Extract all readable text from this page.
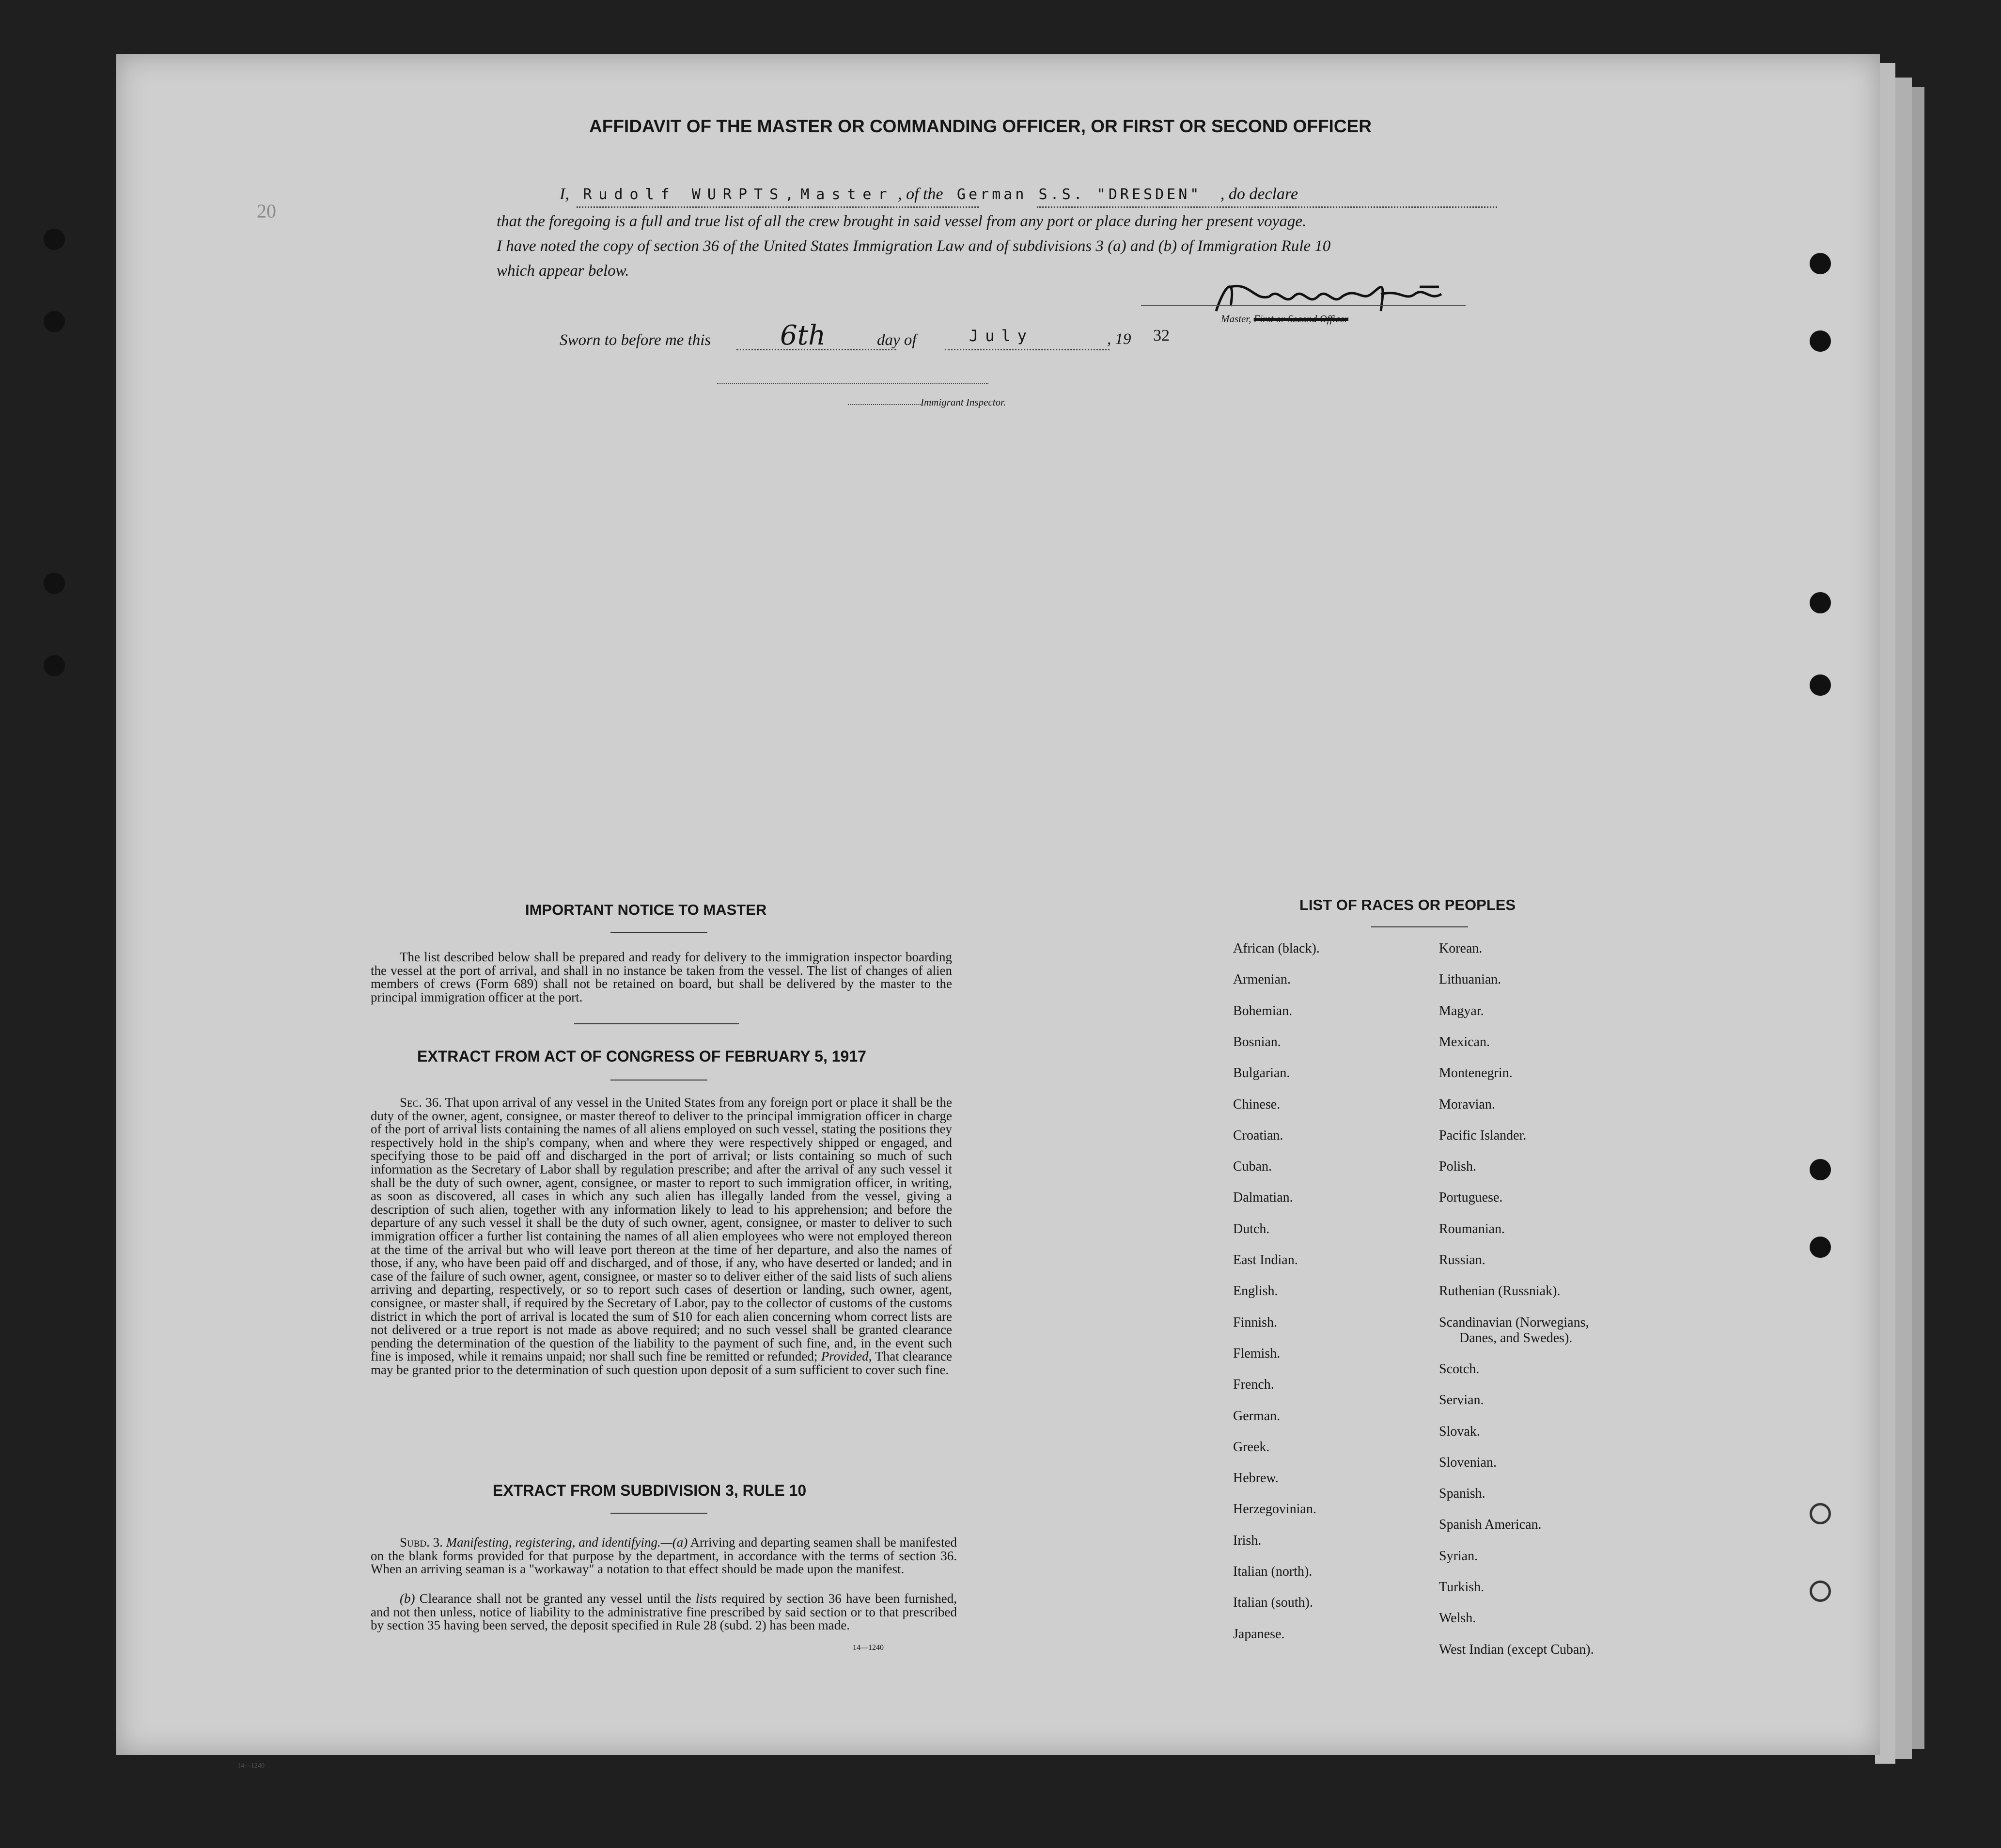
20
AFFIDAVIT OF THE MASTER OR COMMANDING OFFICER, OR FIRST OR SECOND OFFICER
I, Rudolf WURPTS,Master , of the German S.S. "DRESDEN" , do declare
that the foregoing is a full and true list of all the crew brought in said vessel from any port or place during her present voyage.
I have noted the copy of section 36 of the United States Immigration Law and of subdivisions 3 (a) and (b) of Immigration Rule 10
which appear below.
Master, First or Second Officer
Sworn to before me this	6th	day of	July	, 19 32
Immigrant Inspector.
IMPORTANT NOTICE TO MASTER
The list described below shall be prepared and ready for delivery to the immigration inspector boarding the vessel at the port of arrival, and shall in no instance be taken from the vessel. The list of changes of alien members of crews (Form 689) shall not be retained on board, but shall be delivered by the master to the principal immigration officer at the port.
EXTRACT FROM ACT OF CONGRESS OF FEBRUARY 5, 1917
Sec. 36. That upon arrival of any vessel in the United States from any foreign port or place it shall be the duty of the owner, agent, consignee, or master thereof to deliver to the principal immigration officer in charge of the port of arrival lists containing the names of all aliens employed on such vessel, stating the positions they respectively hold in the ship's company, when and where they were respectively shipped or engaged, and specifying those to be paid off and discharged in the port of arrival; or lists containing so much of such information as the Secretary of Labor shall by regulation prescribe; and after the arrival of any such vessel it shall be the duty of such owner, agent, consignee, or master to report to such immigration officer, in writing, as soon as discovered, all cases in which any such alien has illegally landed from the vessel, giving a description of such alien, together with any information likely to lead to his apprehension; and before the departure of any such vessel it shall be the duty of such owner, agent, consignee, or master to deliver to such immigration officer a further list containing the names of all alien employees who were not employed thereon at the time of the arrival but who will leave port thereon at the time of her departure, and also the names of those, if any, who have been paid off and discharged, and of those, if any, who have deserted or landed; and in case of the failure of such owner, agent, consignee, or master so to deliver either of the said lists of such aliens arriving and departing, respectively, or so to report such cases of desertion or landing, such owner, agent, consignee, or master shall, if required by the Secretary of Labor, pay to the collector of customs of the customs district in which the port of arrival is located the sum of $10 for each alien concerning whom correct lists are not delivered or a true report is not made as above required; and no such vessel shall be granted clearance pending the determination of the question of the liability to the payment of such fine, and, in the event such fine is imposed, while it remains unpaid; nor shall such fine be remitted or refunded; Provided, That clearance may be granted prior to the determination of such question upon deposit of a sum sufficient to cover such fine.
EXTRACT FROM SUBDIVISION 3, RULE 10
Subd. 3. Manifesting, registering, and identifying.—(a) Arriving and departing seamen shall be manifested on the blank forms provided for that purpose by the department, in accordance with the terms of section 36. When an arriving seaman is a "workaway" a notation to that effect should be made upon the manifest.
(b) Clearance shall not be granted any vessel until the lists required by section 36 have been furnished, and not then unless, notice of liability to the administrative fine prescribed by said section or to that prescribed by section 35 having been served, the deposit specified in Rule 28 (subd. 2) has been made.
14—1240
LIST OF RACES OR PEOPLES
African (black).
Armenian.
Bohemian.
Bosnian.
Bulgarian.
Chinese.
Croatian.
Cuban.
Dalmatian.
Dutch.
East Indian.
English.
Finnish.
Flemish.
French.
German.
Greek.
Hebrew.
Herzegovinian.
Irish.
Italian (north).
Italian (south).
Japanese.
Korean.
Lithuanian.
Magyar.
Mexican.
Montenegrin.
Moravian.
Pacific Islander.
Polish.
Portuguese.
Roumanian.
Russian.
Ruthenian (Russniak).
Scandinavian (Norwegians,
Danes, and Swedes).
Scotch.
Servian.
Slovak.
Slovenian.
Spanish.
Spanish American.
Syrian.
Turkish.
Welsh.
West Indian (except Cuban).
14—1240
